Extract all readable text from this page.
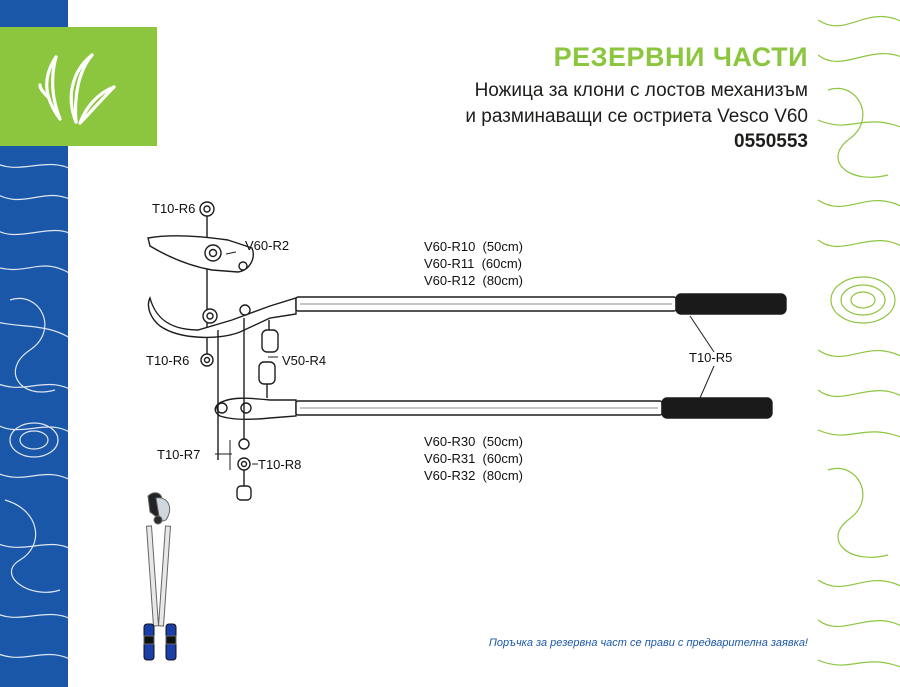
РЕЗЕРВНИ ЧАСТИ
Ножица за клони с лостов механизъм
и разминаващи се остриета Vesco V60
0550553
T10-R6
V60-R2	V60-R10  (50cm)
V60-R11  (60cm)
V60-R12  (80cm)
T10-R6	V50-R4	T10-R5
V60-R30  (50cm)
V60-R31  (60cm)
V60-R32  (80cm)
T10-R7
T10-R8
Поръчка за резервна част се прави с предварителна заявка!
